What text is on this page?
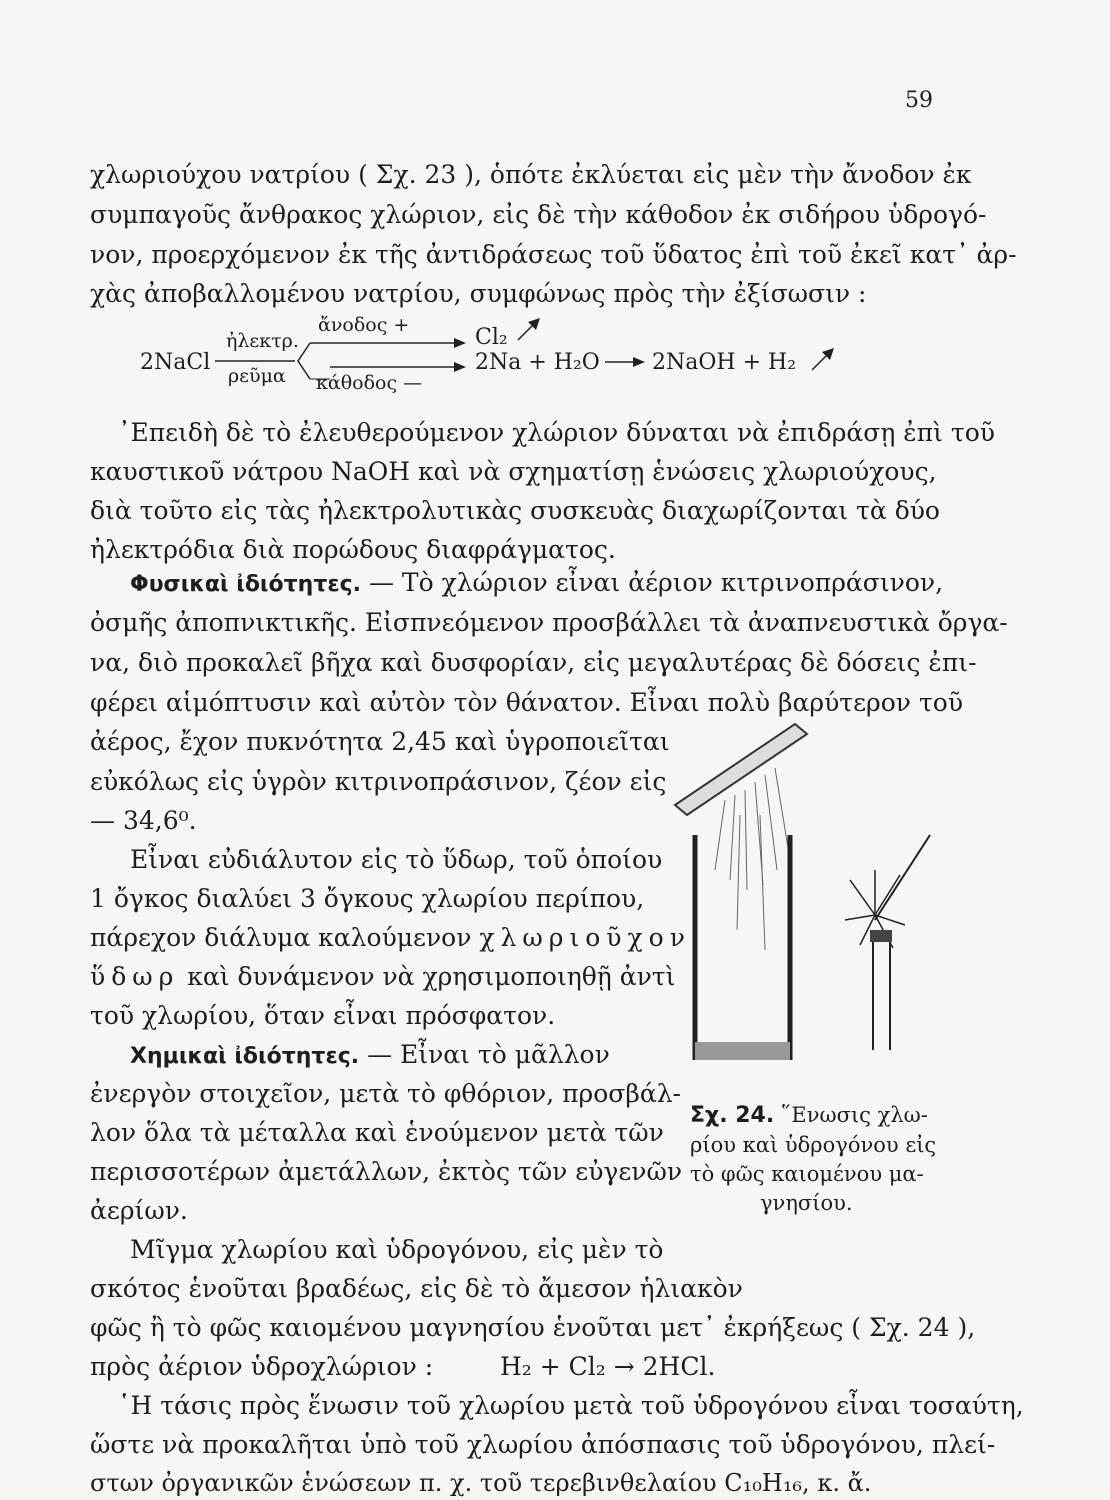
59
χλωριούχου νατρίου ( Σχ. 23 ), ὁπότε ἐκλύεται εἰς μὲν τὴν ἄνοδον ἐκ
συμπαγοῦς ἄνθρακος χλώριον, εἰς δὲ τὴν κάθοδον ἐκ σιδήρου ὑδρογό-
νον, προερχόμενον ἐκ τῆς ἀντιδράσεως τοῦ ὕδατος ἐπὶ τοῦ ἐκεῖ κατ᾽ ἀρ-
χὰς ἀποβαλλομένου νατρίου, συμφώνως πρὸς τὴν ἐξίσωσιν :
2NaCl
ἠλεκτρ.
ρεῦμα
ἄνοδος +
κάθοδος —
Cl₂
2Na + H₂O 2NaOH + H₂
᾽Επειδὴ δὲ τὸ ἐλευθερούμενον χλώριον δύναται νὰ ἐπιδράσῃ ἐπὶ τοῦ
καυστικοῦ νάτρου NaOH καὶ νὰ σχηματίσῃ ἑνώσεις χλωριούχους,
διὰ τοῦτο εἰς τὰς ἠλεκτρολυτικὰς συσκευὰς διαχωρίζονται τὰ δύο
ἠλεκτρόδια διὰ πορώδους διαφράγματος.
Φυσικαὶ ἰδιότητες. — Τὸ χλώριον εἶναι ἀέριον κιτρινοπράσινον,
ὀσμῆς ἀποπνικτικῆς. Εἰσπνεόμενον προσβάλλει τὰ ἀναπνευστικὰ ὄργα-
να, διὸ προκαλεῖ βῆχα καὶ δυσφορίαν, εἰς μεγαλυτέρας δὲ δόσεις ἐπι-
φέρει αἱμόπτυσιν καὶ αὐτὸν τὸν θάνατον. Εἶναι πολὺ βαρύτερον τοῦ
ἀέρος, ἔχον πυκνότητα 2,45 καὶ ὑγροποιεῖται
εὐκόλως εἰς ὑγρὸν κιτρινοπράσινον, ζέον εἰς
— 34,6⁰.
Εἶναι εὐδιάλυτον εἰς τὸ ὕδωρ, τοῦ ὁποίου
1 ὄγκος διαλύει 3 ὄγκους χλωρίου περίπου,
πάρεχον διάλυμα καλούμενον χλωριοῦχον
ὕδωρ καὶ δυνάμενον νὰ χρησιμοποιηθῇ ἀντὶ
τοῦ χλωρίου, ὅταν εἶναι πρόσφατον.
Χημικαὶ ἰδιότητες. — Εἶναι τὸ μᾶλλον
ἐνεργὸν στοιχεῖον, μετὰ τὸ φθόριον, προσβάλ-
λον ὅλα τὰ μέταλλα καὶ ἑνούμενον μετὰ τῶν
περισσοτέρων ἀμετάλλων, ἐκτὸς τῶν εὐγενῶν
ἀερίων.
Μῖγμα χλωρίου καὶ ὑδρογόνου, εἰς μὲν τὸ
σκότος ἑνοῦται βραδέως, εἰς δὲ τὸ ἄμεσον ἡλιακὸν
φῶς ἢ τὸ φῶς καιομένου μαγνησίου ἑνοῦται μετ᾽ ἐκρήξεως ( Σχ. 24 ),
πρὸς ἀέριον ὑδροχλώριον :	H₂ + Cl₂ → 2HCl.
῾Η τάσις πρὸς ἕνωσιν τοῦ χλωρίου μετὰ τοῦ ὑδρογόνου εἶναι τοσαύτη,
ὥστε νὰ προκαλῆται ὑπὸ τοῦ χλωρίου ἀπόσπασις τοῦ ὑδρογόνου, πλεί-
στων ὀργανικῶν ἑνώσεων π. χ. τοῦ τερεβινθελαίου C₁₀H₁₆, κ. ἄ.
Σχ. 24. ῞Ενωσις χλω-
ρίου καὶ ὑδρογόνου εἰς
τὸ φῶς καιομένου μα-
γνησίου.
